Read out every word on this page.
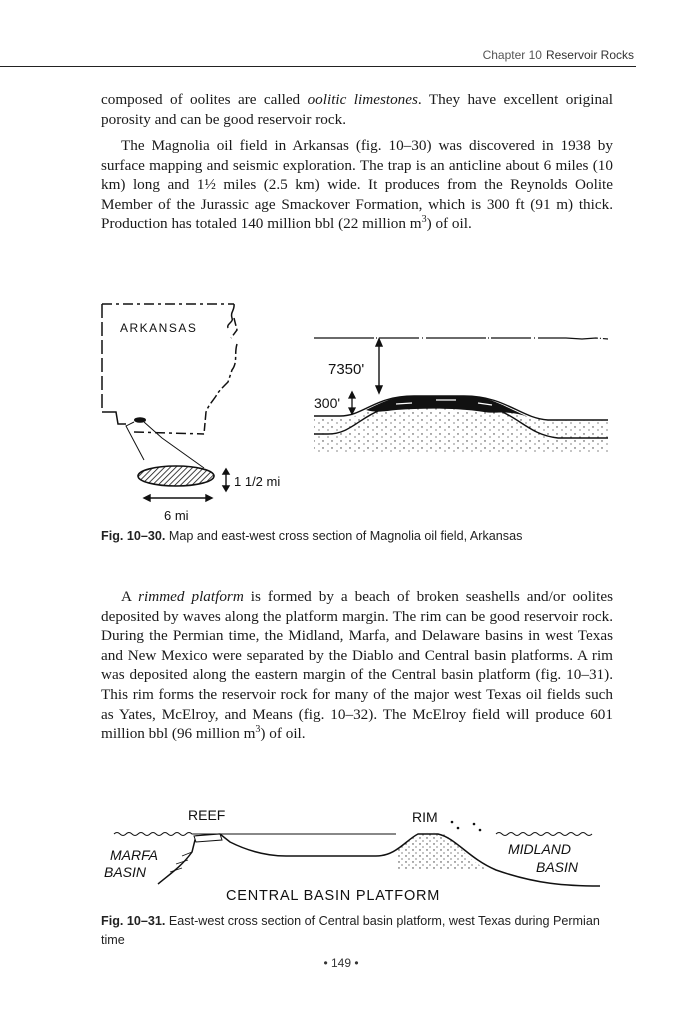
Chapter 10 Reservoir Rocks

composed of oolites are called oolitic limestones. They have excellent original porosity and can be good reservoir rock.

The Magnolia oil field in Arkansas (fig. 10–30) was discovered in 1938 by surface mapping and seismic exploration. The trap is an anticline about 6 miles (10 km) long and 1½ miles (2.5 km) wide. It produces from the Reynolds Oolite Member of the Jurassic age Smackover Formation, which is 300 ft (91 m) thick. Production has totaled 140 million bbl (22 million $m^3$) of oil.

ARKANSAS
1 1/2 mi
6 mi
7350'
300'

Fig. 10–30. Map and east-west cross section of Magnolia oil field, Arkansas

A rimmed platform is formed by a beach of broken seashells and/or oolites deposited by waves along the platform margin. The rim can be good reservoir rock. During the Permian time, the Midland, Marfa, and Delaware basins in west Texas and New Mexico were separated by the Diablo and Central basin platforms. A rim was deposited along the eastern margin of the Central basin platform (fig. 10–31). This rim forms the reservoir rock for many of the major west Texas oil fields such as Yates, McElroy, and Means (fig. 10–32). The McElroy field will produce 601 million bbl (96 million $m^3$) of oil.

REEF	RIM
MARFA
BASIN
MIDLAND
BASIN
CENTRAL BASIN PLATFORM

Fig. 10–31. East-west cross section of Central basin platform, west Texas during Permian time

• 149 •
